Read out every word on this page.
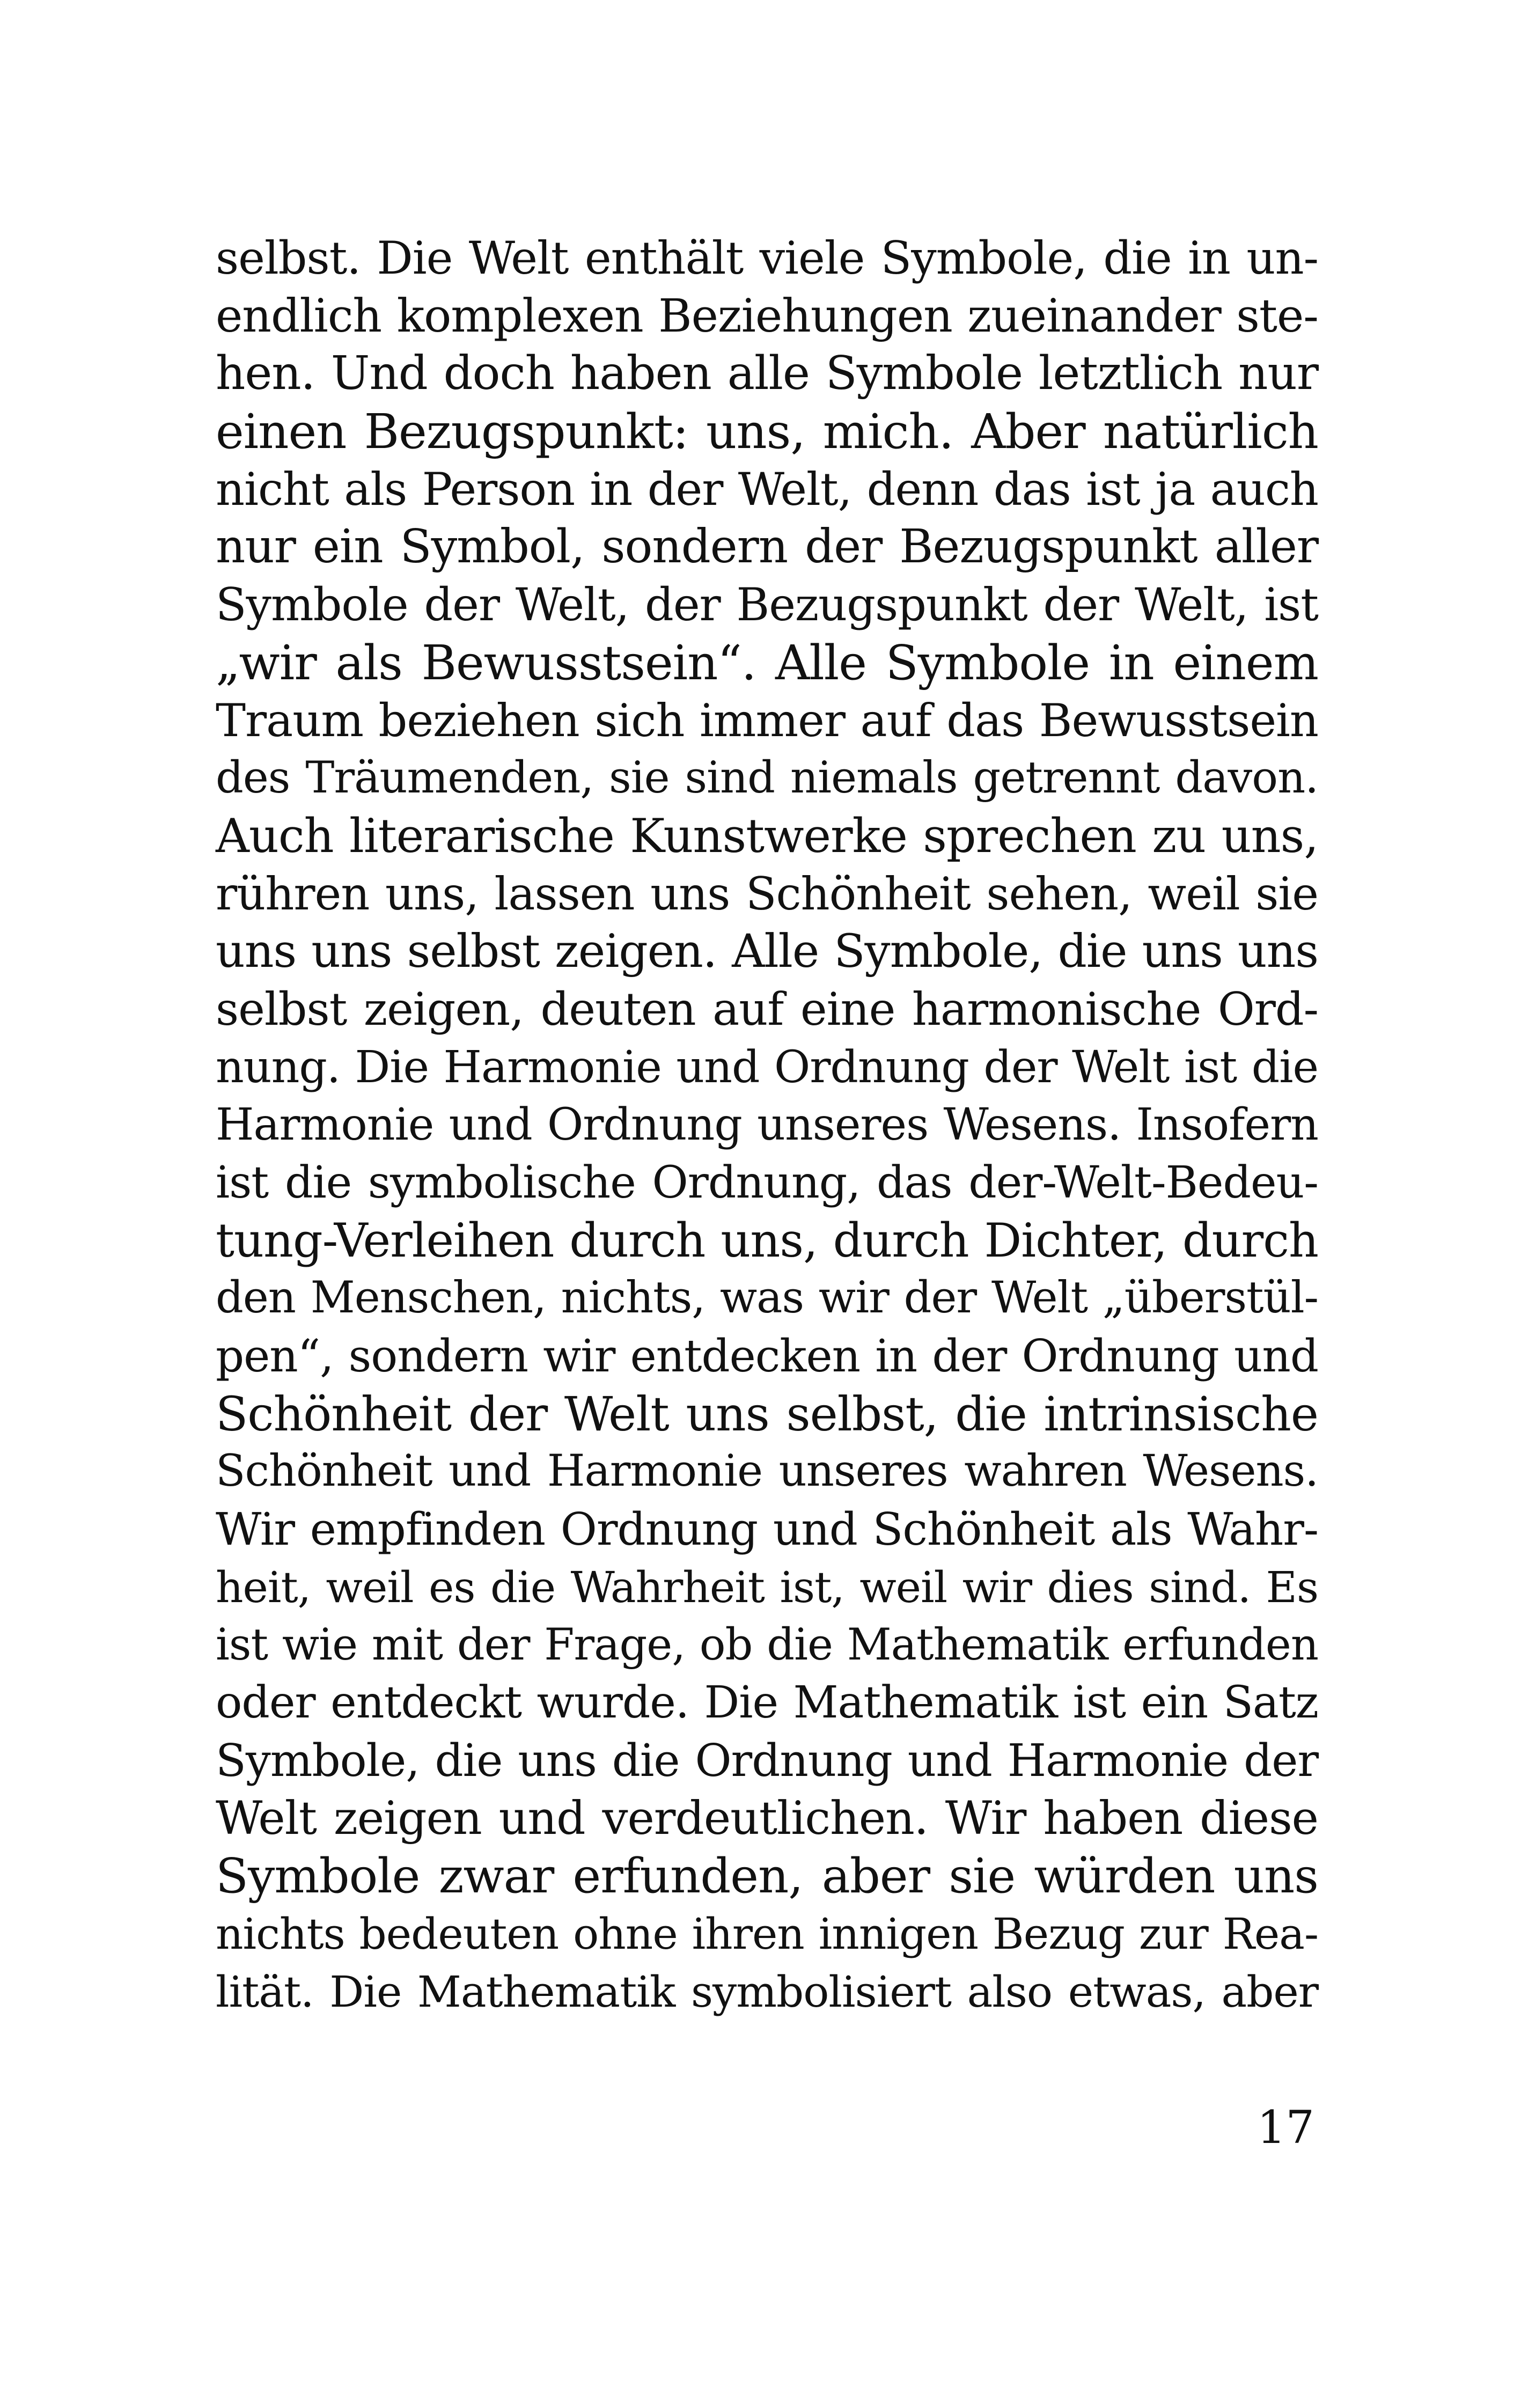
selbst. Die Welt enthält viele Symbole, die in un-
endlich komplexen Beziehungen zueinander ste-
hen. Und doch haben alle Symbole letztlich nur
einen Bezugspunkt: uns, mich. Aber natürlich
nicht als Person in der Welt, denn das ist ja auch
nur ein Symbol, sondern der Bezugspunkt aller
Symbole der Welt, der Bezugspunkt der Welt, ist
„wir als Bewusstsein“. Alle Symbole in einem
Traum beziehen sich immer auf das Bewusstsein
des Träumenden, sie sind niemals getrennt davon.
Auch literarische Kunstwerke sprechen zu uns,
rühren uns, lassen uns Schönheit sehen, weil sie
uns uns selbst zeigen. Alle Symbole, die uns uns
selbst zeigen, deuten auf eine harmonische Ord-
nung. Die Harmonie und Ordnung der Welt ist die
Harmonie und Ordnung unseres Wesens. Insofern
ist die symbolische Ordnung, das der-Welt-Bedeu-
tung-Verleihen durch uns, durch Dichter, durch
den Menschen, nichts, was wir der Welt „überstül-
pen“, sondern wir entdecken in der Ordnung und
Schönheit der Welt uns selbst, die intrinsische
Schönheit und Harmonie unseres wahren Wesens.
Wir empfinden Ordnung und Schönheit als Wahr-
heit, weil es die Wahrheit ist, weil wir dies sind. Es
ist wie mit der Frage, ob die Mathematik erfunden
oder entdeckt wurde. Die Mathematik ist ein Satz
Symbole, die uns die Ordnung und Harmonie der
Welt zeigen und verdeutlichen. Wir haben diese
Symbole zwar erfunden, aber sie würden uns
nichts bedeuten ohne ihren innigen Bezug zur Rea-
lität. Die Mathematik symbolisiert also etwas, aber
17
